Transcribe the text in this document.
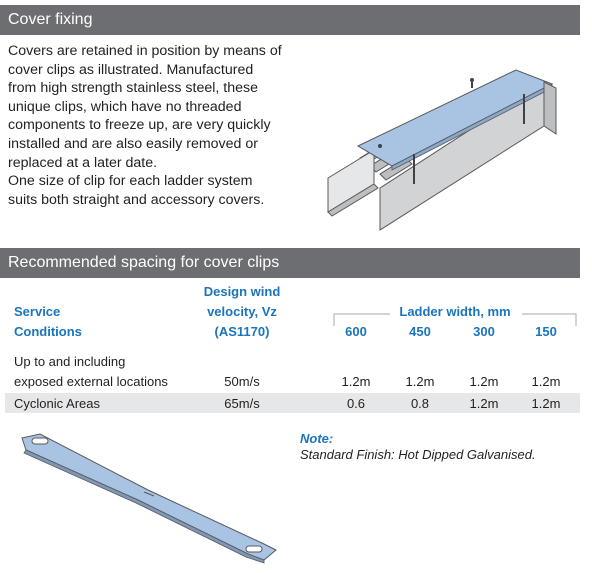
Cover fixing

Covers are retained in position by means of cover clips as illustrated. Manufactured from high strength stainless steel, these unique clips, which have no threaded components to freeze up, are very quickly installed and are also easily removed or replaced at a later date.

One size of clip for each ladder system suits both straight and accessory covers.

Recommended spacing for cover clips
Service
Conditions
Design wind
velocity, Vz
(AS1170)
Ladder width, mm
600	450	300	150
Up to and including
exposed external locations	50m/s	1.2m	1.2m	1.2m	1.2m
Cyclonic Areas	65m/s	0.6	0.8	1.2m	1.2m
Note:
Standard Finish: Hot Dipped Galvanised.
